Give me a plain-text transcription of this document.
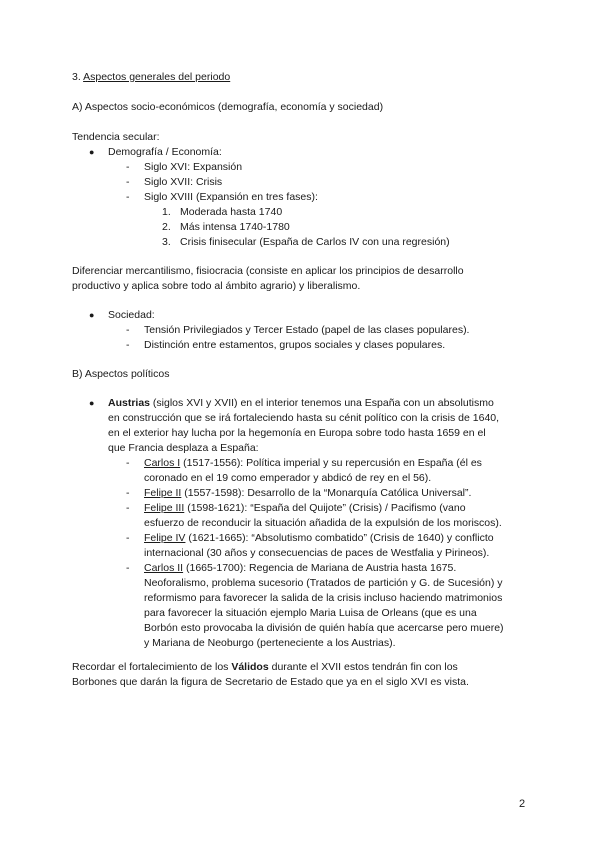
3. Aspectos generales del periodo
A) Aspectos socio-económicos (demografía, economía y sociedad)
Tendencia secular:
● Demografía / Economía:
- Siglo XVI: Expansión
- Siglo XVII: Crisis
- Siglo XVIII (Expansión en tres fases):
1. Moderada hasta 1740
2. Más intensa 1740-1780
3. Crisis finisecular (España de Carlos IV con una regresión)
Diferenciar mercantilismo, fisiocracia (consiste en aplicar los principios de desarrollo
productivo y aplica sobre todo al ámbito agrario) y liberalismo.
● Sociedad:
- Tensión Privilegiados y Tercer Estado (papel de las clases populares).
- Distinción entre estamentos, grupos sociales y clases populares.
B) Aspectos políticos
● Austrias (siglos XVI y XVII) en el interior tenemos una España con un absolutismo
en construcción que se irá fortaleciendo hasta su cénit político con la crisis de 1640,
en el exterior hay lucha por la hegemonía en Europa sobre todo hasta 1659 en el
que Francia desplaza a España:
- Carlos I (1517-1556): Política imperial y su repercusión en España (él es
coronado en el 19 como emperador y abdicó de rey en el 56).
- Felipe II (1557-1598): Desarrollo de la “Monarquía Católica Universal”.
- Felipe III (1598-1621): “España del Quijote” (Crisis) / Pacifismo (vano
esfuerzo de reconducir la situación añadida de la expulsión de los moriscos).
- Felipe IV (1621-1665): “Absolutismo combatido” (Crisis de 1640) y conflicto
internacional (30 años y consecuencias de paces de Westfalia y Pirineos).
- Carlos II (1665-1700): Regencia de Mariana de Austria hasta 1675.
Neoforalismo, problema sucesorio (Tratados de partición y G. de Sucesión) y
reformismo para favorecer la salida de la crisis incluso haciendo matrimonios
para favorecer la situación ejemplo Maria Luisa de Orleans (que es una
Borbón esto provocaba la división de quién había que acercarse pero muere)
y Mariana de Neoburgo (perteneciente a los Austrias).
Recordar el fortalecimiento de los Válidos durante el XVII estos tendrán fin con los
Borbones que darán la figura de Secretario de Estado que ya en el siglo XVI es vista.
2
